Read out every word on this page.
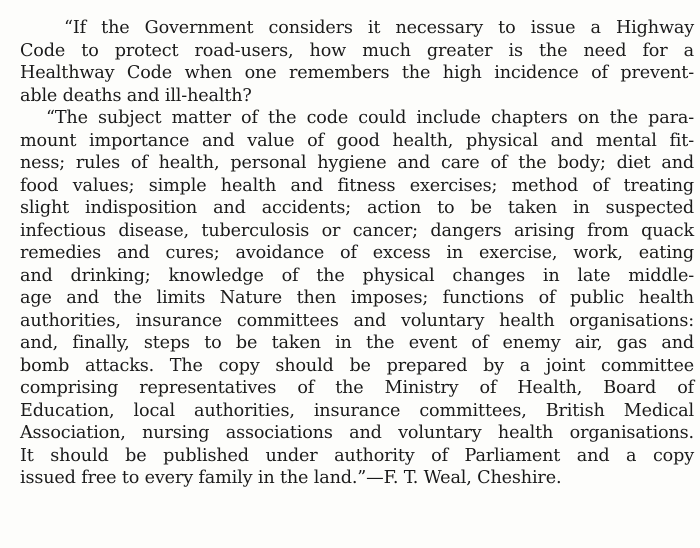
“If the Government considers it necessary to issue a Highway
Code to protect road-users, how much greater is the need for a
Healthway Code when one remembers the high incidence of prevent-
able deaths and ill-health?
“The subject matter of the code could include chapters on the para-
mount importance and value of good health, physical and mental fit-
ness; rules of health, personal hygiene and care of the body; diet and
food values; simple health and fitness exercises; method of treating
slight indisposition and accidents; action to be taken in suspected
infectious disease, tuberculosis or cancer; dangers arising from quack
remedies and cures; avoidance of excess in exercise, work, eating
and drinking; knowledge of the physical changes in late middle-
age and the limits Nature then imposes; functions of public health
authorities, insurance committees and voluntary health organisations:
and, finally, steps to be taken in the event of enemy air, gas and
bomb attacks. The copy should be prepared by a joint committee
comprising representatives of the Ministry of Health, Board of
Education, local authorities, insurance committees, British Medical
Association, nursing associations and voluntary health organisations.
It should be published under authority of Parliament and a copy
issued free to every family in the land.”—F. T. Weal, Cheshire.
